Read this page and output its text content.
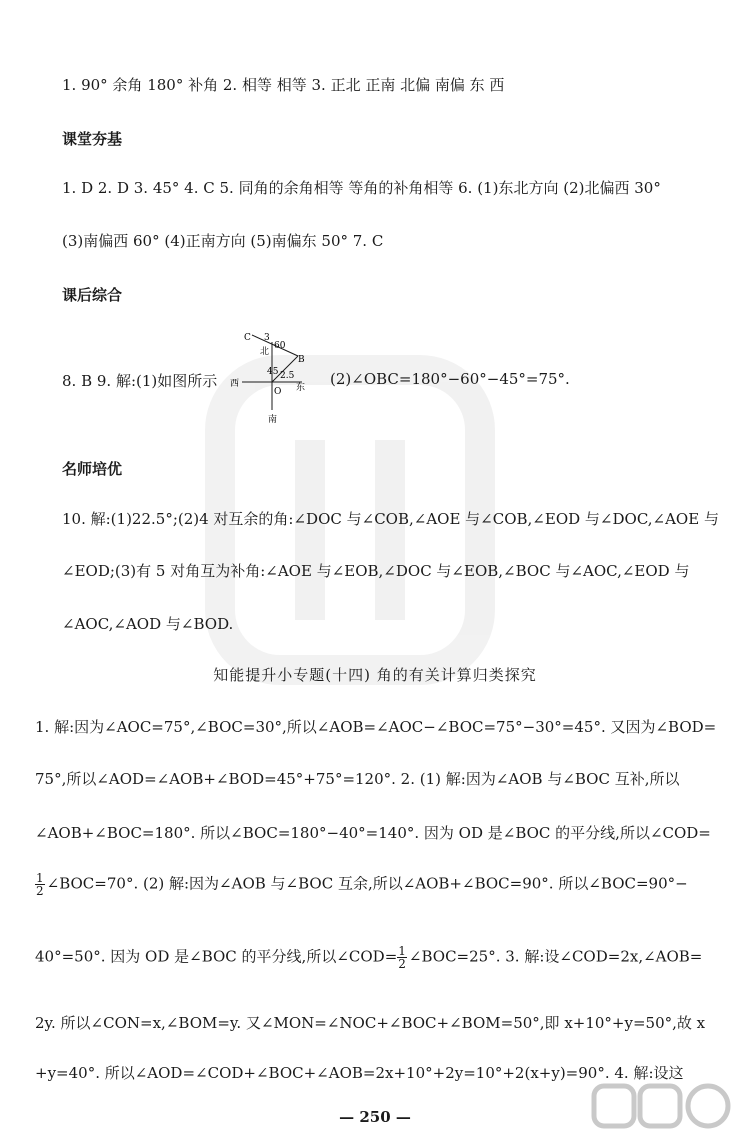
1. 90° 余角 180° 补角 2. 相等 相等 3. 正北 正南 北偏 南偏 东 西
课堂夯基
1. D 2. D 3. 45° 4. C 5. 同角的余角相等 等角的补角相等 6. (1)东北方向 (2)北偏西 30°
(3)南偏西 60° (4)正南方向 (5)南偏东 50° 7. C
课后综合
8. B 9. 解:(1)如图所示	(2)∠OBC=180°−60°−45°=75°.
C 3
60
北
B
45 2.5
西	东
O
南
名师培优
10. 解:(1)22.5°;(2)4 对互余的角:∠DOC 与∠COB,∠AOE 与∠COB,∠EOD 与∠DOC,∠AOE 与
∠EOD;(3)有 5 对角互为补角:∠AOE 与∠EOB,∠DOC 与∠EOB,∠BOC 与∠AOC,∠EOD 与
∠AOC,∠AOD 与∠BOD.
知能提升小专题(十四) 角的有关计算归类探究
1. 解:因为∠AOC=75°,∠BOC=30°,所以∠AOB=∠AOC−∠BOC=75°−30°=45°. 又因为∠BOD=
75°,所以∠AOD=∠AOB+∠BOD=45°+75°=120°. 2. (1) 解:因为∠AOB 与∠BOC 互补,所以
∠AOB+∠BOC=180°. 所以∠BOC=180°−40°=140°. 因为 OD 是∠BOC 的平分线,所以∠COD=
$\frac{1}{2}$ ∠BOC=70°. (2) 解:因为∠AOB 与∠BOC 互余,所以∠AOB+∠BOC=90°. 所以∠BOC=90°−
40°=50°. 因为 OD 是∠BOC 的平分线,所以∠COD= $\frac{1}{2}$ ∠BOC=25°. 3. 解:设∠COD=2x,∠AOB=
2y. 所以∠CON=x,∠BOM=y. 又∠MON=∠NOC+∠BOC+∠BOM=50°,即 x+10°+y=50°,故 x
+y=40°. 所以∠AOD=∠COD+∠BOC+∠AOB=2x+10°+2y=10°+2(x+y)=90°. 4. 解:设这
— 250 —
